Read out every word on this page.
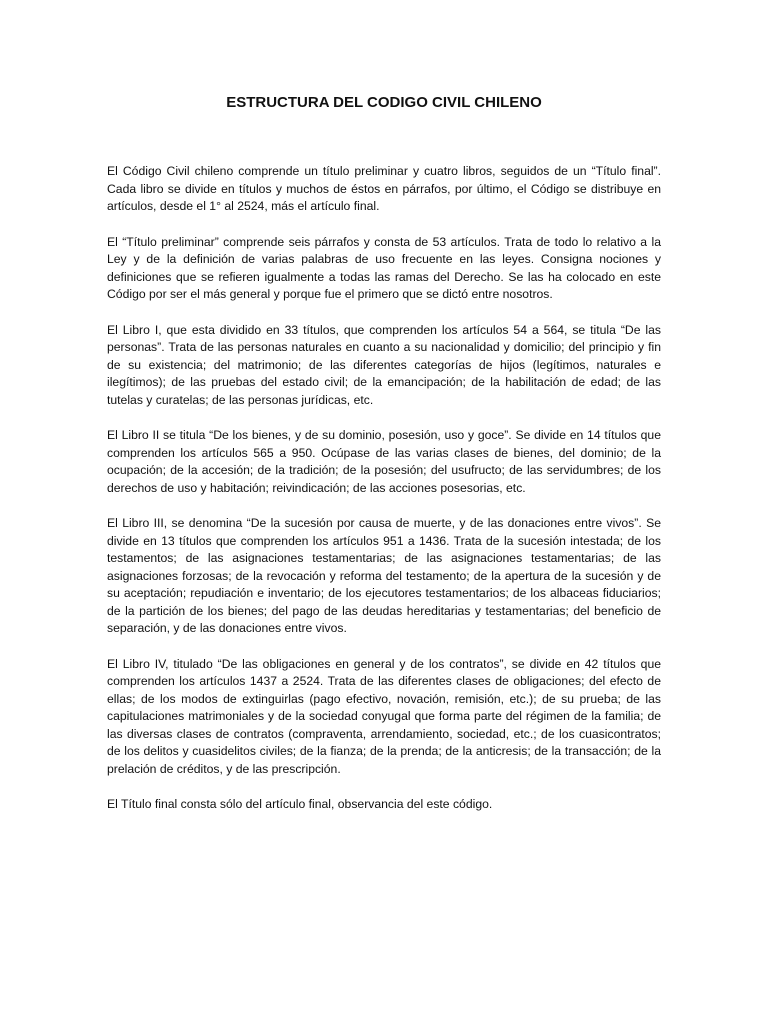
ESTRUCTURA DEL CODIGO CIVIL CHILENO

El Código Civil chileno comprende un título preliminar y cuatro libros, seguidos de un “Título final”. Cada libro se divide en títulos y muchos de éstos en párrafos, por último, el Código se distribuye en artículos, desde el 1° al 2524, más el artículo final.

El “Título preliminar” comprende seis párrafos y consta de 53 artículos. Trata de todo lo relativo a la Ley y de la definición de varias palabras de uso frecuente en las leyes. Consigna nociones y definiciones que se refieren igualmente a todas las ramas del Derecho. Se las ha colocado en este Código por ser el más general y porque fue el primero que se dictó entre nosotros.

El Libro I, que esta dividido en 33 títulos, que comprenden los artículos 54 a 564, se titula “De las personas”. Trata de las personas naturales en cuanto a su nacionalidad y domicilio; del principio y fin de su existencia; del matrimonio; de las diferentes categorías de hijos (legítimos, naturales e ilegítimos); de las pruebas del estado civil; de la emancipación; de la habilitación de edad; de las tutelas y curatelas; de las personas jurídicas, etc.

El Libro II se titula “De los bienes, y de su dominio, posesión, uso y goce”. Se divide en 14 títulos que comprenden los artículos 565 a 950. Ocúpase de las varias clases de bienes, del dominio; de la ocupación; de la accesión; de la tradición; de la posesión; del usufructo; de las servidumbres; de los derechos de uso y habitación; reivindicación; de las acciones posesorias, etc.

El Libro III, se denomina “De la sucesión por causa de muerte, y de las donaciones entre vivos”. Se divide en 13 títulos que comprenden los artículos 951 a 1436. Trata de la sucesión intestada; de los testamentos; de las asignaciones testamentarias; de las asignaciones testamentarias; de las asignaciones forzosas; de la revocación y reforma del testamento; de la apertura de la sucesión y de su aceptación; repudiación e inventario; de los ejecutores testamentarios; de los albaceas fiduciarios; de la partición de los bienes; del pago de las deudas hereditarias y testamentarias; del beneficio de separación, y de las donaciones entre vivos.

El Libro IV, titulado “De las obligaciones en general y de los contratos”, se divide en 42 títulos que comprenden los artículos 1437 a 2524. Trata de las diferentes clases de obligaciones; del efecto de ellas; de los modos de extinguirlas (pago efectivo, novación, remisión, etc.); de su prueba; de las capitulaciones matrimoniales y de la sociedad conyugal que forma parte del régimen de la familia; de las diversas clases de contratos (compraventa, arrendamiento, sociedad, etc.; de los cuasicontratos; de los delitos y cuasidelitos civiles; de la fianza; de la prenda; de la anticresis; de la transacción; de la prelación de créditos, y de las prescripción.

El Título final consta sólo del artículo final, observancia del este código.
